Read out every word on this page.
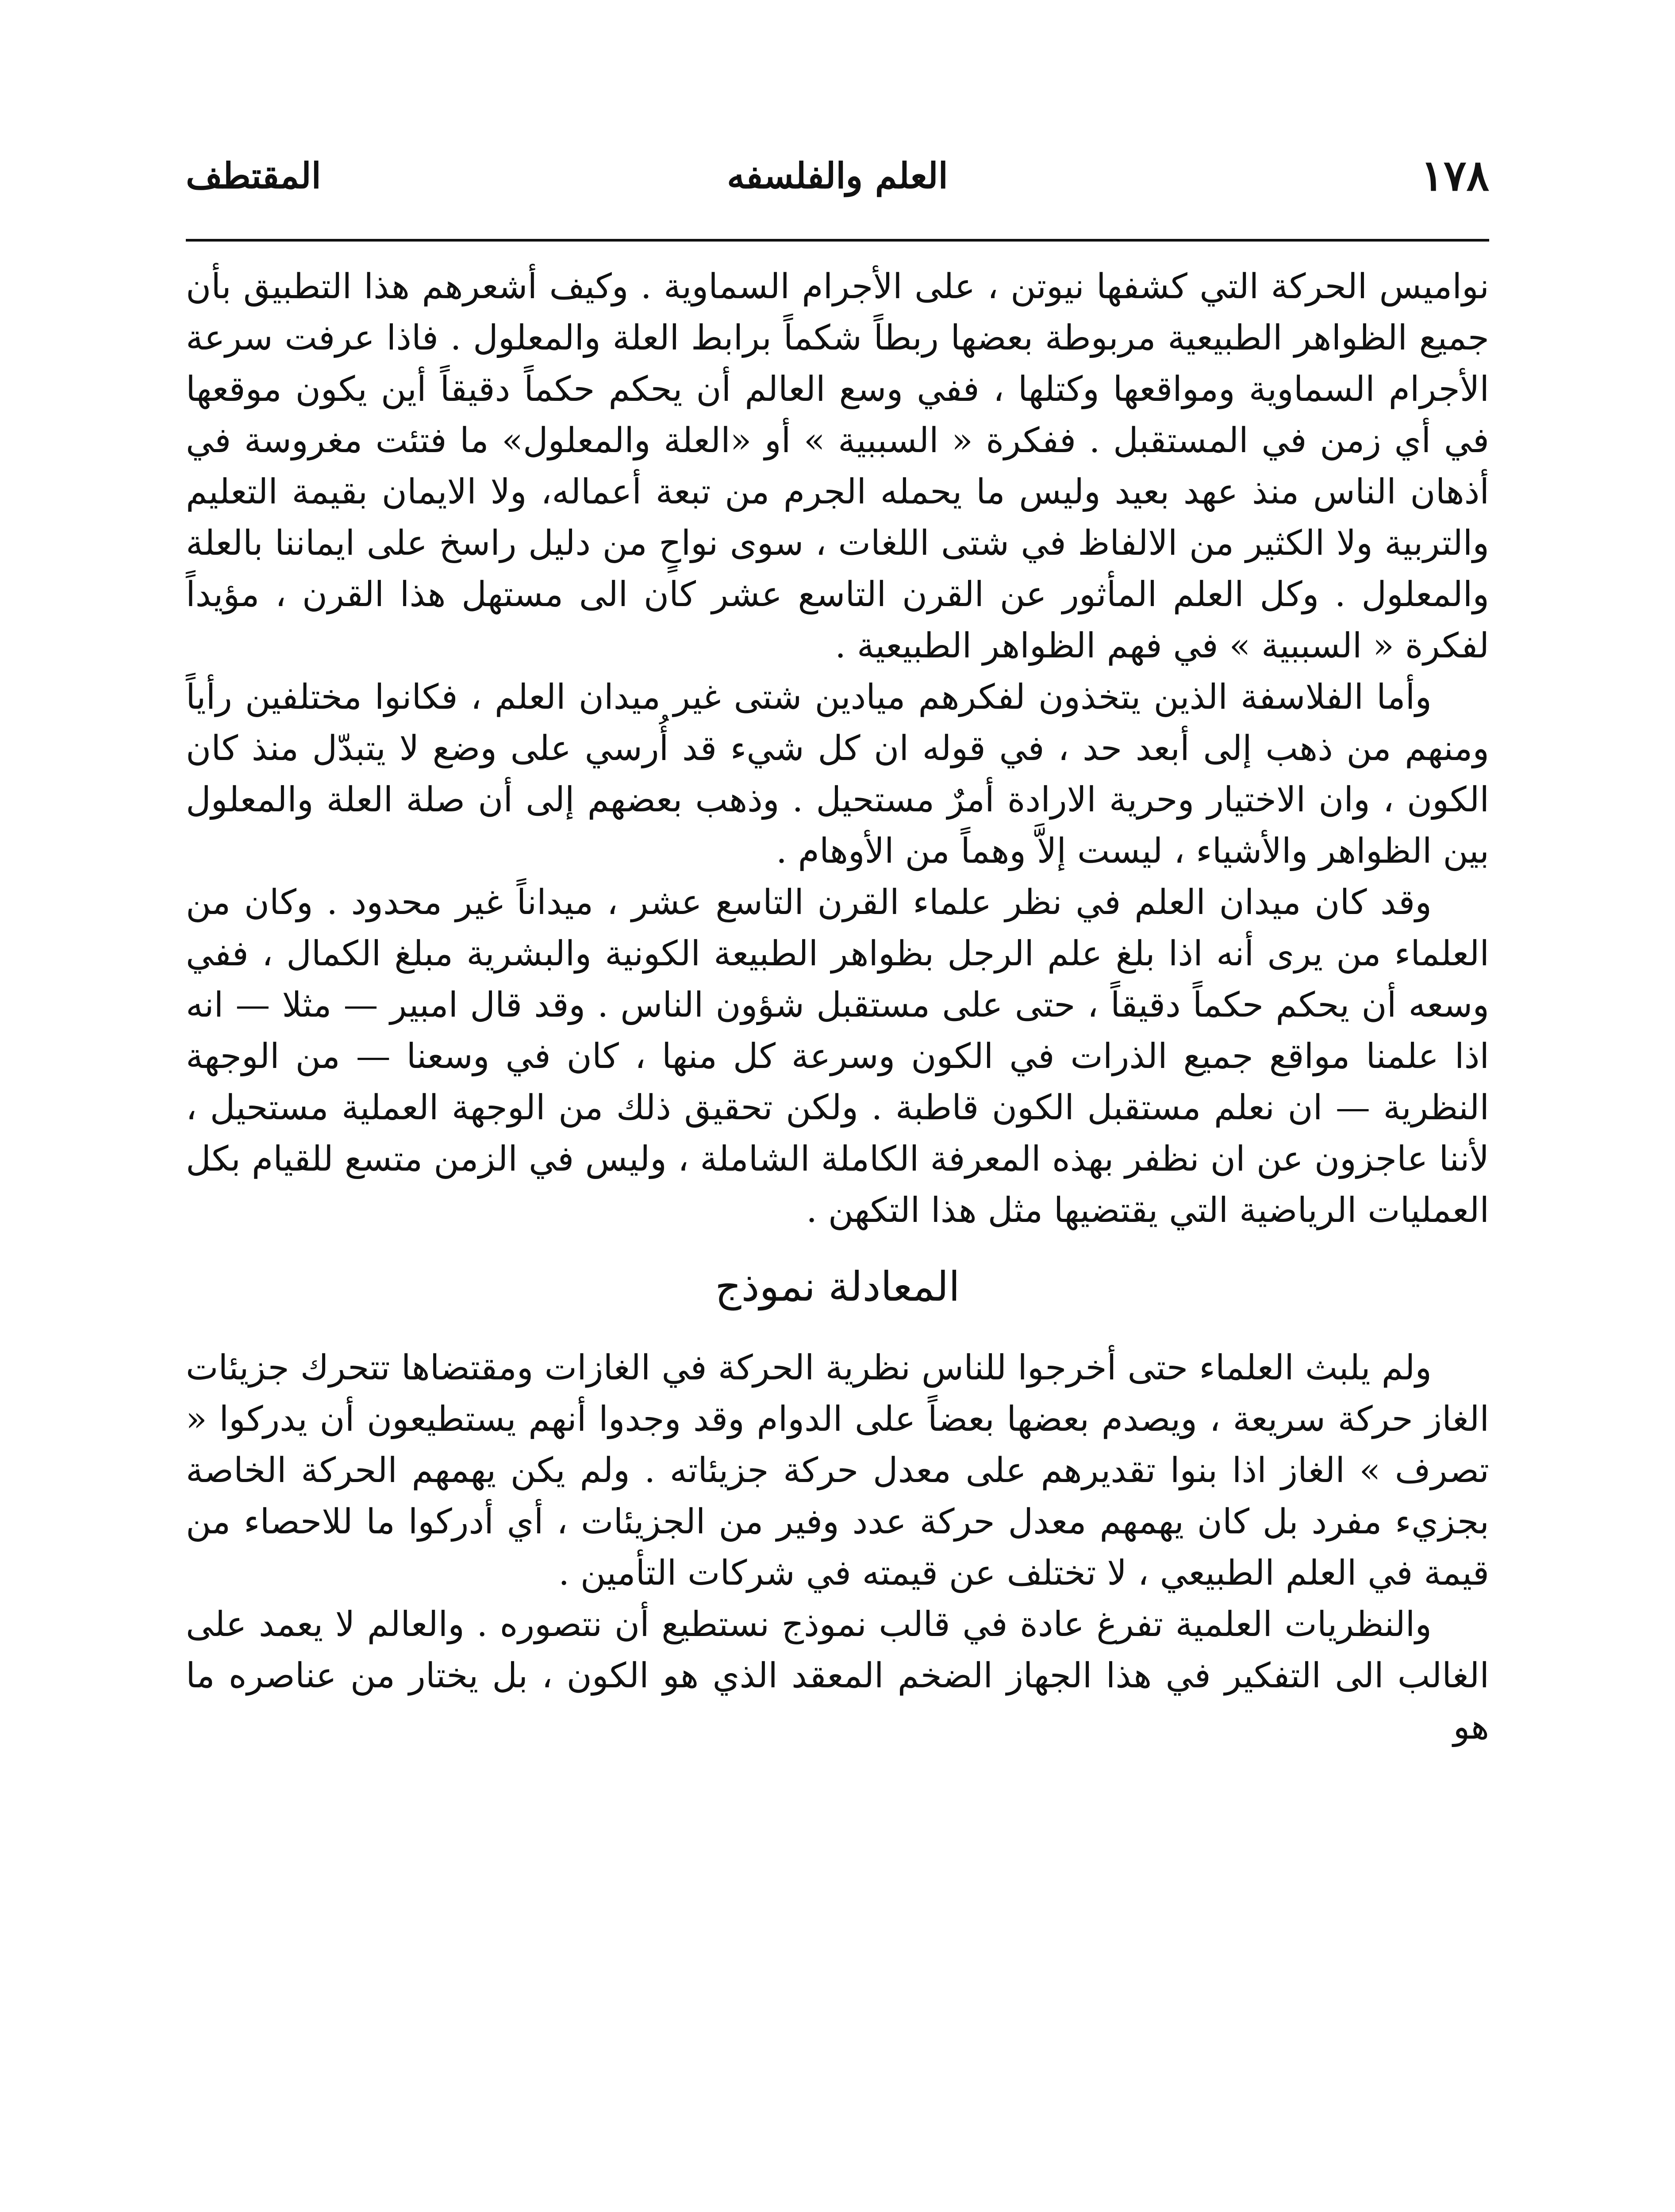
١٧٨
العلم والفلسفه
المقتطف

نواميس الحركة التي كشفها نيوتن ، على الأجرام السماوية . وكيف أشعرهم هذا التطبيق بأن جميع الظواهر الطبيعية مربوطة بعضها ربطاً شكماً برابط العلة والمعلول . فاذا عرفت سرعة الأجرام السماوية ومواقعها وكتلها ، ففي وسع العالم أن يحكم حكماً دقيقاً أين يكون موقعها في أي زمن في المستقبل . ففكرة « السببية » أو «العلة والمعلول» ما فتئت مغروسة في أذهان الناس منذ عهد بعيد وليس ما يحمله الجرم من تبعة أعماله، ولا الايمان بقيمة التعليم والتربية ولا الكثير من الالفاظ في شتى اللغات ، سوى نواحٍ من دليل راسخ على ايماننا بالعلة والمعلول . وكل العلم المأثور عن القرن التاسع عشر كان الى مستهل هذا القرن ، مؤيداً لفكرة « السببية » في فهم الظواهر الطبيعية .

وأما الفلاسفة الذين يتخذون لفكرهم ميادين شتى غير ميدان العلم ، فكانوا مختلفين رأياً ومنهم من ذهب إلى أبعد حد ، في قوله ان كل شيء قد أُرسي على وضع لا يتبدّل منذ كان الكون ، وان الاختيار وحرية الارادة أمرٌ مستحيل . وذهب بعضهم إلى أن صلة العلة والمعلول بين الظواهر والأشياء ، ليست إلاَّ وهماً من الأوهام .

وقد كان ميدان العلم في نظر علماء القرن التاسع عشر ، ميداناً غير محدود . وكان من العلماء من يرى أنه اذا بلغ علم الرجل بظواهر الطبيعة الكونية والبشرية مبلغ الكمال ، ففي وسعه أن يحكم حكماً دقيقاً ، حتى على مستقبل شؤون الناس . وقد قال امبير — مثلا — انه اذا علمنا مواقع جميع الذرات في الكون وسرعة كل منها ، كان في وسعنا — من الوجهة النظرية — ان نعلم مستقبل الكون قاطبة . ولكن تحقيق ذلك من الوجهة العملية مستحيل ، لأننا عاجزون عن ان نظفر بهذه المعرفة الكاملة الشاملة ، وليس في الزمن متسع للقيام بكل العمليات الرياضية التي يقتضيها مثل هذا التكهن .

المعادلة نموذج

ولم يلبث العلماء حتى أخرجوا للناس نظرية الحركة في الغازات ومقتضاها تتحرك جزيئات الغاز حركة سريعة ، ويصدم بعضها بعضاً على الدوام وقد وجدوا أنهم يستطيعون أن يدركوا « تصرف » الغاز اذا بنوا تقديرهم على معدل حركة جزيئاته . ولم يكن يهمهم الحركة الخاصة بجزيء مفرد بل كان يهمهم معدل حركة عدد وفير من الجزيئات ، أي أدركوا ما للاحصاء من قيمة في العلم الطبيعي ، لا تختلف عن قيمته في شركات التأمين .

والنظريات العلمية تفرغ عادة في قالب نموذج نستطيع أن نتصوره . والعالم لا يعمد على الغالب الى التفكير في هذا الجهاز الضخم المعقد الذي هو الكون ، بل يختار من عناصره ما هو
